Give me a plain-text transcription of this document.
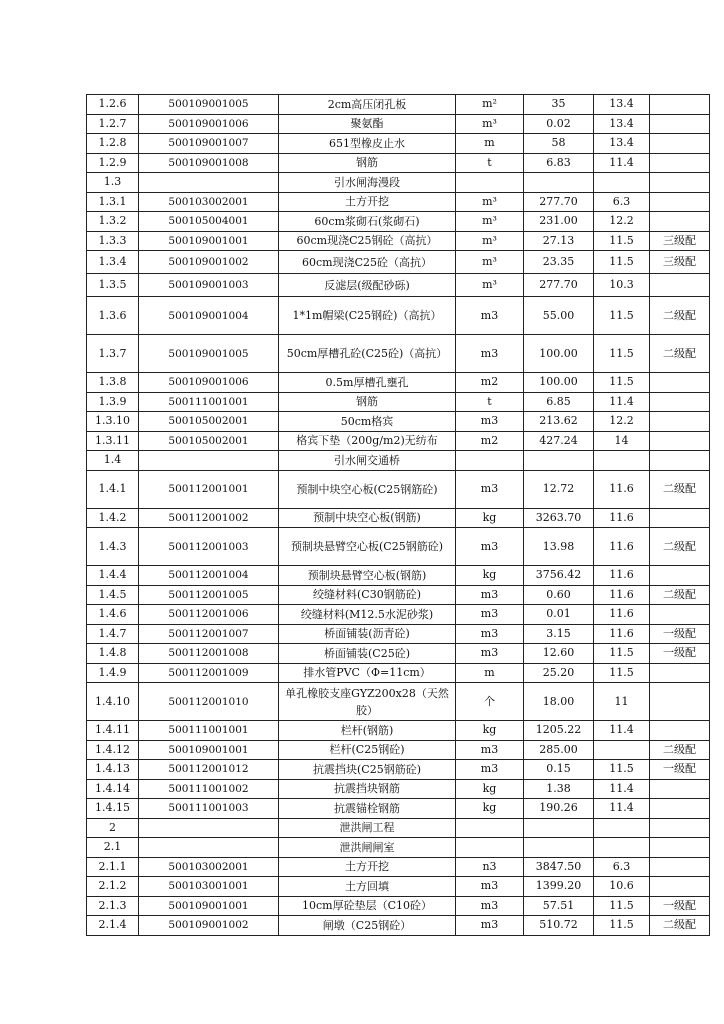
1.2.6	500109001005	2cm高压闭孔板	m²	35	13.4	
1.2.7	500109001006	聚氨酯	m³	0.02	13.4	
1.2.8	500109001007	651型橡皮止水	m	58	13.4	
1.2.9	500109001008	钢筋	t	6.83	11.4	
1.3		引水闸海漫段				
1.3.1	500103002001	土方开挖	m³	277.70	6.3	
1.3.2	500105004001	60cm浆砌石(浆砌石)	m³	231.00	12.2	
1.3.3	500109001001	60cm现浇C25钢砼（高抗）	m³	27.13	11.5	三级配
1.3.4	500109001002	60cm现浇C25砼（高抗）	m³	23.35	11.5	三级配
1.3.5	500109001003	反滤层(级配砂砾)	m³	277.70	10.3	
1.3.6	500109001004	1*1m帽梁(C25钢砼)（高抗）	m3	55.00	11.5	二级配
1.3.7	500109001005	50cm厚槽孔砼(C25砼)（高抗）	m3	100.00	11.5	二级配
1.3.8	500109001006	0.5m厚槽孔壅孔	m2	100.00	11.5	
1.3.9	500111001001	钢筋	t	6.85	11.4	
1.3.10	500105002001	50cm格宾	m3	213.62	12.2	
1.3.11	500105002001	格宾下垫（200g/m2)无纺布	m2	427.24	14	
1.4		引水闸交通桥				
1.4.1	500112001001	预制中块空心板(C25钢筋砼)	m3	12.72	11.6	二级配
1.4.2	500112001002	预制中块空心板(钢筋)	kg	3263.70	11.6	
1.4.3	500112001003	预制块悬臂空心板(C25钢筋砼)	m3	13.98	11.6	二级配
1.4.4	500112001004	预制块悬臂空心板(钢筋)	kg	3756.42	11.6	
1.4.5	500112001005	绞缝材料(C30钢筋砼)	m3	0.60	11.6	二级配
1.4.6	500112001006	绞缝材料(M12.5水泥砂浆)	m3	0.01	11.6	
1.4.7	500112001007	桥面铺装(沥青砼)	m3	3.15	11.6	一级配
1.4.8	500112001008	桥面铺装(C25砼)	m3	12.60	11.5	一级配
1.4.9	500112001009	排水管PVC（Φ=11cm）	m	25.20	11.5	
1.4.10	500112001010	单孔橡胶支座GYZ200x28（天然胶）	个	18.00	11	
1.4.11	500111001001	栏杆(钢筋)	kg	1205.22	11.4	
1.4.12	500109001001	栏杆(C25钢砼)	m3	285.00		二级配
1.4.13	500112001012	抗震挡块(C25钢筋砼)	m3	0.15	11.5	一级配
1.4.14	500111001002	抗震挡块钢筋	kg	1.38	11.4	
1.4.15	500111001003	抗震锚栓钢筋	kg	190.26	11.4	
2		泄洪闸工程				
2.1		泄洪闸闸室				
2.1.1	500103002001	土方开挖	n3	3847.50	6.3	
2.1.2	500103001001	土方回填	m3	1399.20	10.6	
2.1.3	500109001001	10cm厚砼垫层（C10砼）	m3	57.51	11.5	一级配
2.1.4	500109001002	闸墩（C25钢砼）	m3	510.72	11.5	二级配
